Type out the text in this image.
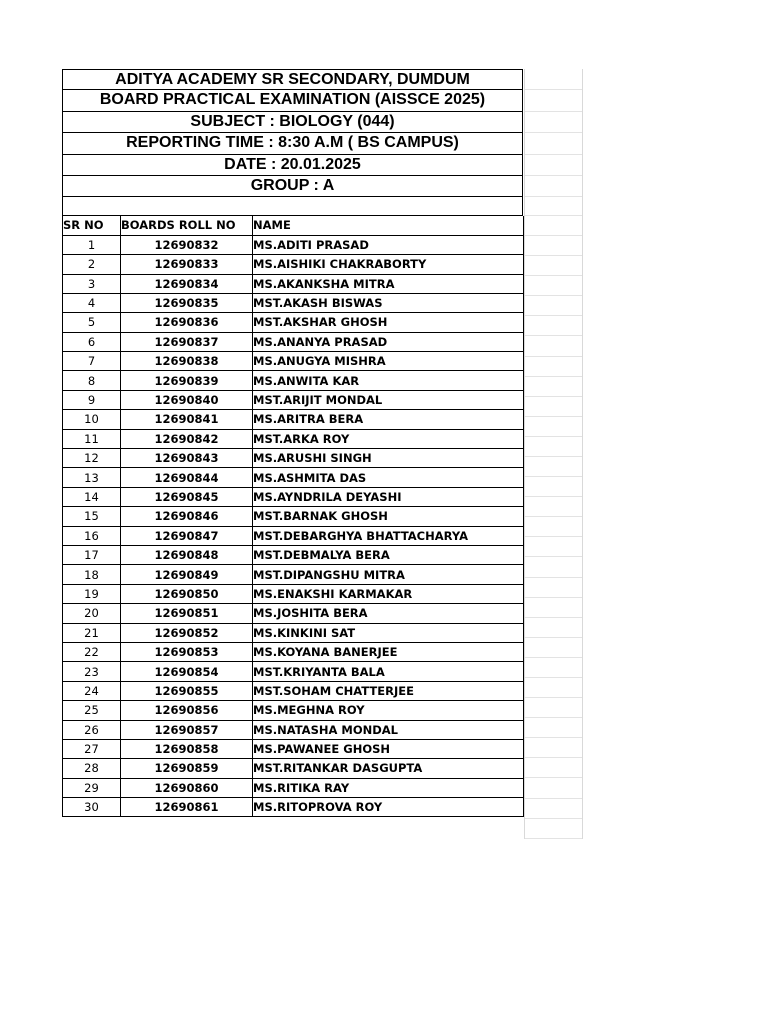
ADITYA ACADEMY SR SECONDARY, DUMDUM
BOARD PRACTICAL EXAMINATION (AISSCE 2025)
SUBJECT : BIOLOGY (044)
REPORTING TIME : 8:30 A.M ( BS CAMPUS)
DATE : 20.01.2025
GROUP : A
SR NO	BOARDS ROLL NO	NAME
1	12690832	MS.ADITI PRASAD
2	12690833	MS.AISHIKI CHAKRABORTY
3	12690834	MS.AKANKSHA MITRA
4	12690835	MST.AKASH BISWAS
5	12690836	MST.AKSHAR GHOSH
6	12690837	MS.ANANYA PRASAD
7	12690838	MS.ANUGYA MISHRA
8	12690839	MS.ANWITA KAR
9	12690840	MST.ARIJIT MONDAL
10	12690841	MS.ARITRA BERA
11	12690842	MST.ARKA ROY
12	12690843	MS.ARUSHI SINGH
13	12690844	MS.ASHMITA DAS
14	12690845	MS.AYNDRILA DEYASHI
15	12690846	MST.BARNAK GHOSH
16	12690847	MST.DEBARGHYA BHATTACHARYA
17	12690848	MST.DEBMALYA BERA
18	12690849	MST.DIPANGSHU MITRA
19	12690850	MS.ENAKSHI KARMAKAR
20	12690851	MS.JOSHITA BERA
21	12690852	MS.KINKINI SAT
22	12690853	MS.KOYANA BANERJEE
23	12690854	MST.KRIYANTA BALA
24	12690855	MST.SOHAM CHATTERJEE
25	12690856	MS.MEGHNA ROY
26	12690857	MS.NATASHA MONDAL
27	12690858	MS.PAWANEE GHOSH
28	12690859	MST.RITANKAR DASGUPTA
29	12690860	MS.RITIKA RAY
30	12690861	MS.RITOPROVA ROY
